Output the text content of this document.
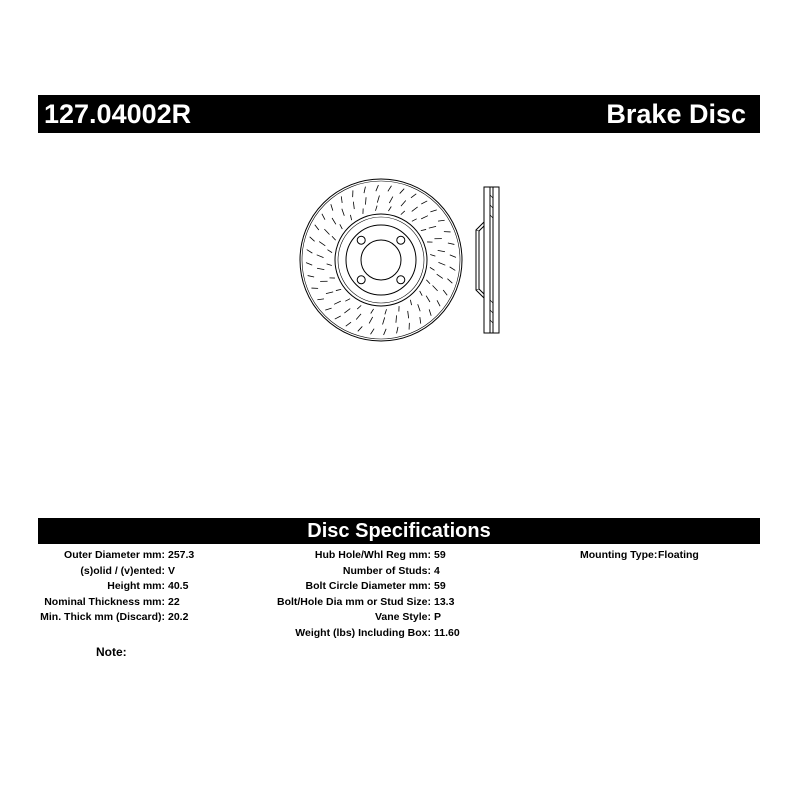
127.04002R	Brake Disc
Disc Specifications
Outer Diameter mm: 257.3
(s)olid / (v)ented: V
Height mm: 40.5
Nominal Thickness mm: 22
Min. Thick mm (Discard): 20.2
Hub Hole/Whl Reg mm: 59
Number of Studs: 4
Bolt Circle Diameter mm: 59
Bolt/Hole Dia mm or Stud Size: 13.3
Vane Style: P
Weight (lbs) Including Box: 11.60
Mounting Type:Floating
Note:
